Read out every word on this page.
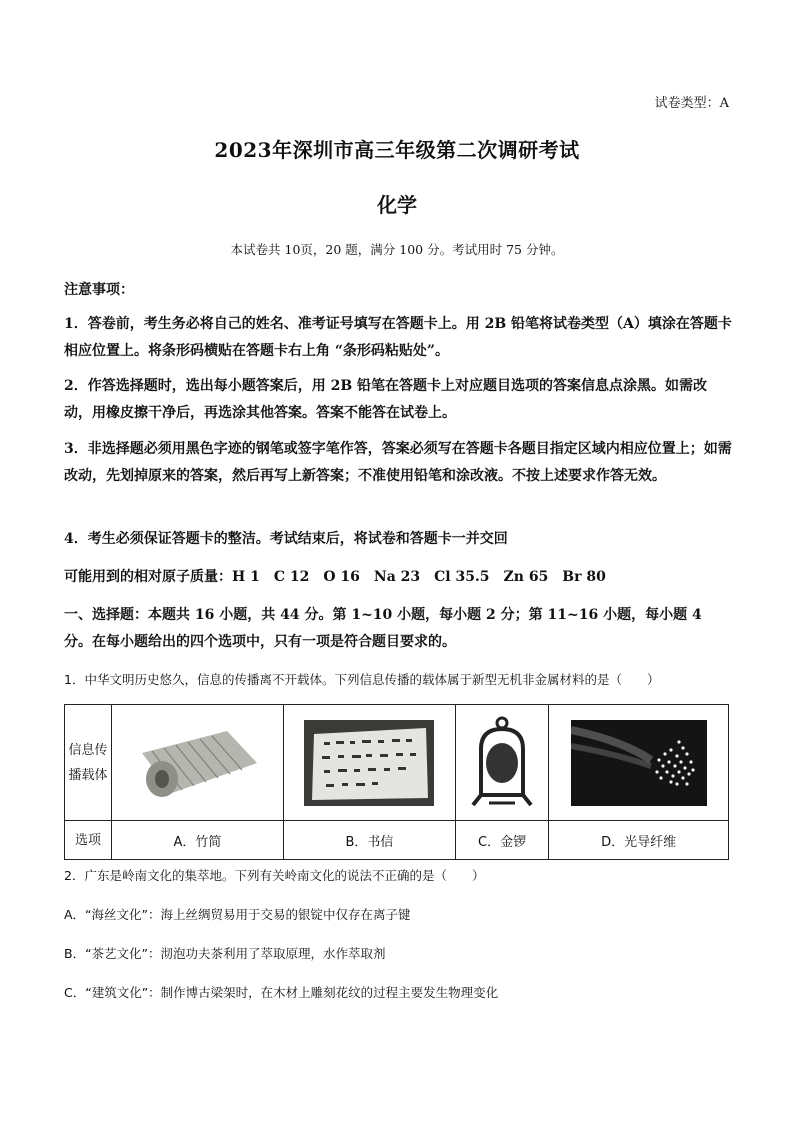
试卷类型：A
2023年深圳市高三年级第二次调研考试
化学
本试卷共 10页，20 题，满分 100 分。考试用时 75 分钟。
注意事项：
1．答卷前，考生务必将自己的姓名、准考证号填写在答题卡上。用 2B 铅笔将试卷类型（A）填涂在答题卡相应位置上。将条形码横贴在答题卡右上角 “条形码粘贴处”。
2．作答选择题时，选出每小题答案后，用 2B 铅笔在答题卡上对应题目选项的答案信息点涂黑。如需改动，用橡皮擦干净后，再选涂其他答案。答案不能答在试卷上。
3．非选择题必须用黑色字迹的钢笔或签字笔作答，答案必须写在答题卡各题目指定区域内相应位置上；如需改动，先划掉原来的答案，然后再写上新答案；不准使用铅笔和涂改液。不按上述要求作答无效。
4．考生必须保证答题卡的整洁。考试结束后，将试卷和答题卡一并交回
可能用到的相对原子质量：H 1　C 12　O 16　Na 23　Cl 35.5　Zn 65　Br 80
一、选择题：本题共 16 小题，共 44 分。第 1~10 小题，每小题 2 分；第 11~16 小题，每小题 4 分。在每小题给出的四个选项中，只有一项是符合题目要求的。
1．中华文明历史悠久，信息的传播离不开载体。下列信息传播的载体属于新型无机非金属材料的是（　　）
信息传播载体	

选项	A．竹简	B．书信	C．金锣	D．光导纤维
2．广东是岭南文化的集萃地。下列有关岭南文化的说法不正确的是（　　）
A．“海丝文化”：海上丝绸贸易用于交易的银锭中仅存在离子键
B．“茶艺文化”：沏泡功夫茶利用了萃取原理，水作萃取剂
C．“建筑文化”：制作博古梁架时，在木材上雕刻花纹的过程主要发生物理变化
